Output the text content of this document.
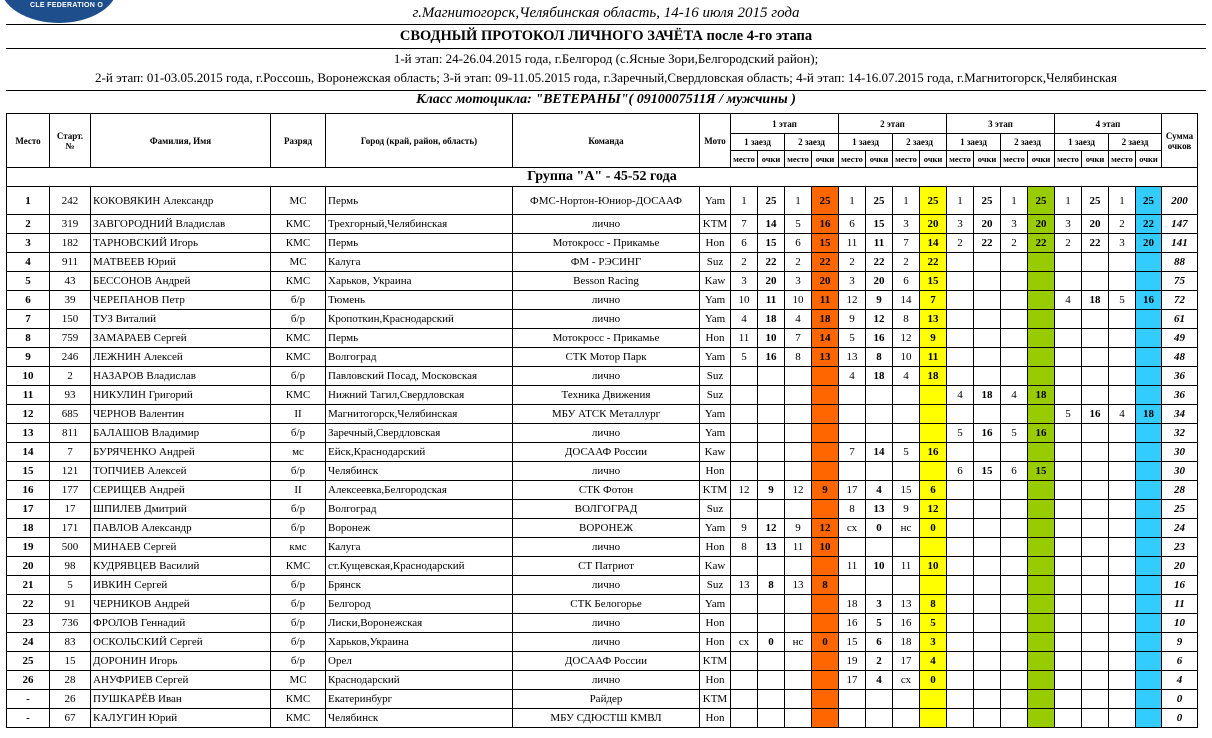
CLE FEDERATION O	г.Магнитогорск,Челябинская область, 14-16 июля 2015 года
СВОДНЫЙ ПРОТОКОЛ ЛИЧНОГО ЗАЧЁТА после 4-го этапа
1-й этап: 24-26.04.2015 года, г.Белгород (с.Ясные Зори,Белгородский район);
2-й этап: 01-03.05.2015 года, г.Россошь, Воронежская область; 3-й этап: 09-11.05.2015 года, г.Заречный,Свердловская область; 4-й этап: 14-16.07.2015 года, г.Магнитогорск,Челябинская
Класс мотоцикла: "ВЕТЕРАНЫ"( 0910007511Я / мужчины )
Место	Старт. №	Фамилия, Имя	Разряд	Город (край, район, область)	Команда	Мото	1 этап				2 этап				3 этап				4 этап				Сумма очков
							1 заезд		2 заезд		1 заезд		2 заезд		1 заезд		2 заезд		1 заезд		2 заезд		
							место	очки	место	очки	место	очки	место	очки	место	очки	место	очки	место	очки	место	очки	
Группа "А" - 45-52 года																							
1	242	КОКОВЯКИН Александр	МС	Пермь	ФМС-Нортон-Юниор-ДОСААФ	Yam	1	25	1	25	1	25	1	25	1	25	1	25	1	25	1	25	200
2	319	ЗАВГОРОДНИЙ Владислав	КМС	Трехгорный,Челябинская	лично	KTM	7	14	5	16	6	15	3	20	3	20	3	20	3	20	2	22	147
3	182	ТАРНОВСКИЙ Игорь	КМС	Пермь	Мотокросс - Прикамье	Hon	6	15	6	15	11	11	7	14	2	22	2	22	2	22	3	20	141
4	911	МАТВЕЕВ Юрий	МС	Калуга	ФМ - РЭСИНГ	Suz	2	22	2	22	2	22	2	22									88
5	43	БЕССОНОВ Андрей	КМС	Харьков, Украина	Besson Racing	Kaw	3	20	3	20	3	20	6	15									75
6	39	ЧЕРЕПАНОВ Петр	б/р	Тюмень	лично	Yam	10	11	10	11	12	9	14	7					4	18	5	16	72
7	150	ТУЗ Виталий	б/р	Кропоткин,Краснодарский	лично	Yam	4	18	4	18	9	12	8	13									61
8	759	ЗАМАРАЕВ Сергей	КМС	Пермь	Мотокросс - Прикамье	Hon	11	10	7	14	5	16	12	9									49
9	246	ЛЕЖНИН Алексей	КМС	Волгоград	СТК Мотор Парк	Yam	5	16	8	13	13	8	10	11									48
10	2	НАЗАРОВ Владислав	б/р	Павловский Посад, Московская	лично	Suz					4	18	4	18									36
11	93	НИКУЛИН Григорий	КМС	Нижний Тагил,Свердловская	Техника Движения	Suz									4	18	4	18					36
12	685	ЧЕРНОВ Валентин	II	Магнитогорск,Челябинская	МБУ АТСК Металлург	Yam													5	16	4	18	34
13	811	БАЛАШОВ Владимир	б/р	Заречный,Свердловская	лично	Yam									5	16	5	16					32
14	7	БУРЯЧЕНКО Андрей	мс	Ейск,Краснодарский	ДОСААФ России	Kaw					7	14	5	16									30
15	121	ТОПЧИЕВ Алексей	б/р	Челябинск	лично	Hon									6	15	6	15					30
16	177	СЕРИЩЕВ Андрей	II	Алексеевка,Белгородская	СТК Фотон	KTM	12	9	12	9	17	4	15	6									28
17	17	ШПИЛЕВ Дмитрий	б/р	Волгоград	ВОЛГОГРАД	Suz					8	13	9	12									25
18	171	ПАВЛОВ Александр	б/р	Воронеж	ВОРОНЕЖ	Yam	9	12	9	12	сх	0	нс	0									24
19	500	МИНАЕВ Сергей	кмс	Калуга	лично	Hon	8	13	11	10													23
20	98	КУДРЯВЦЕВ Василий	КМС	ст.Кущевская,Краснодарский	СТ Патриот	Kaw					11	10	11	10									20
21	5	ИВКИН Сергей	б/р	Брянск	лично	Suz	13	8	13	8													16
22	91	ЧЕРНИКОВ Андрей	б/р	Белгород	СТК Белогорье	Yam					18	3	13	8									11
23	736	ФРОЛОВ Геннадий	б/р	Лиски,Воронежская	лично	Hon					16	5	16	5									10
24	83	ОСКОЛЬСКИЙ Сергей	б/р	Харьков,Украина	лично	Hon	сх	0	нс	0	15	6	18	3									9
25	15	ДОРОНИН Игорь	б/р	Орел	ДОСААФ России	KTM					19	2	17	4									6
26	28	АНУФРИЕВ Сергей	МС	Краснодарский	лично	Hon					17	4	сх	0									4
-	26	ПУШКАРЁВ Иван	КМС	Екатеринбург	Райдер	KTM																	0
-	67	КАЛУГИН Юрий	КМС	Челябинск	МБУ СДЮСТШ КМВЛ	Hon																	0
